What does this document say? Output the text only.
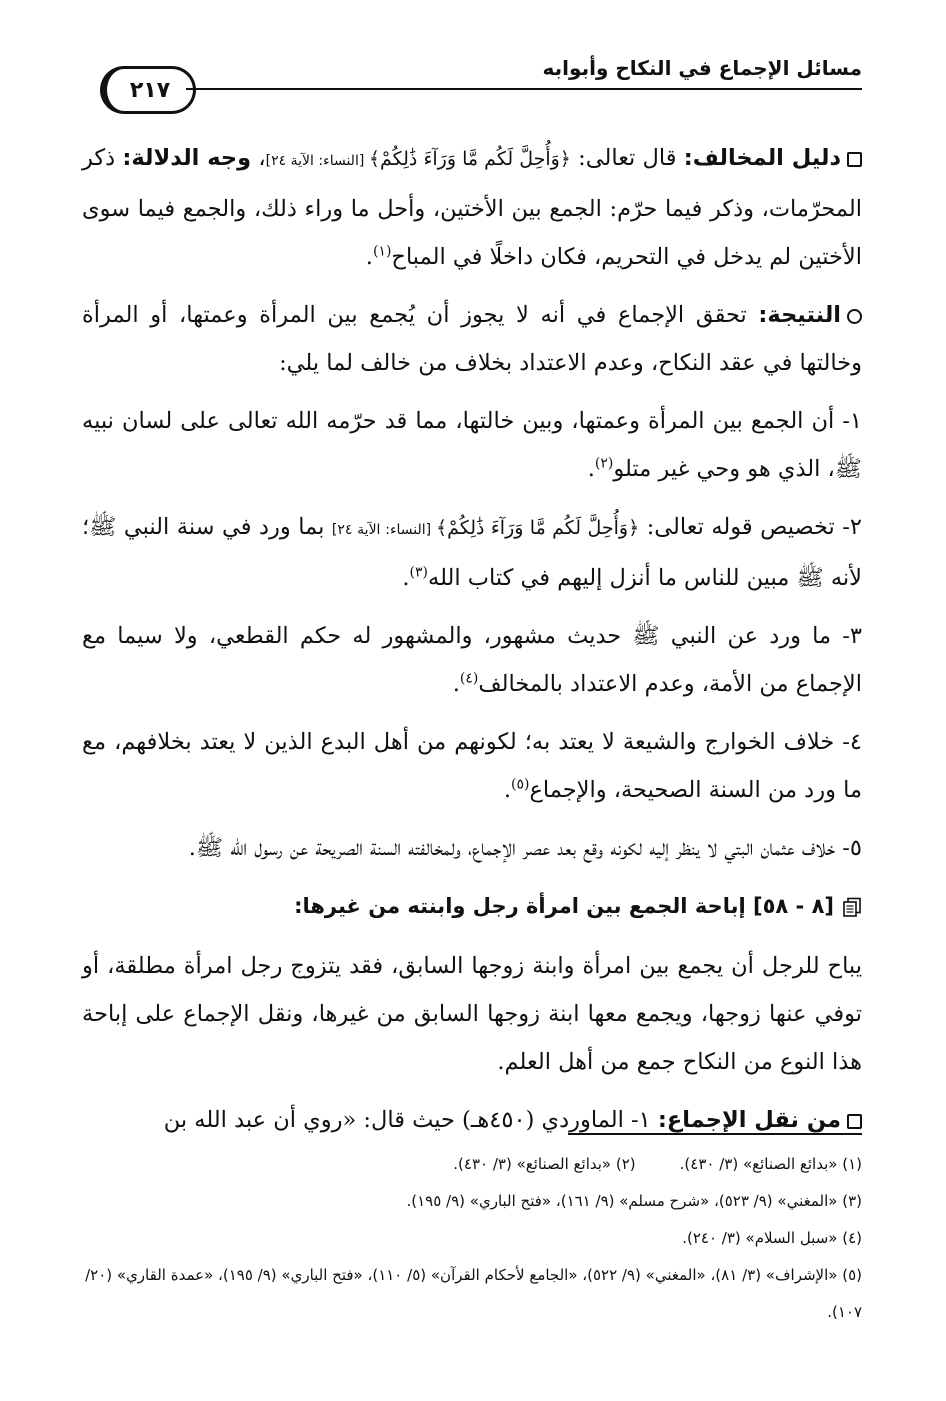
مسائل الإجماع في النكاح وأبوابه
٢١٧

دليل المخالف: قال تعالى: ﴿وَأُحِلَّ لَكُم مَّا وَرَآءَ ذَٰلِكُمْ﴾ [النساء: الآية ٢٤]، وجه الدلالة: ذكر المحرّمات، وذكر فيما حرّم: الجمع بين الأختين، وأحل ما وراء ذلك، والجمع فيما سوى الأختين لم يدخل في التحريم، فكان داخلًا في المباح$^{(١)}$.

النتيجة: تحقق الإجماع في أنه لا يجوز أن يُجمع بين المرأة وعمتها، أو المرأة وخالتها في عقد النكاح، وعدم الاعتداد بخلاف من خالف لما يلي:

١- أن الجمع بين المرأة وعمتها، وبين خالتها، مما قد حرّمه الله تعالى على لسان نبيه ﷺ، الذي هو وحي غير متلو$^{(٢)}$.

٢- تخصيص قوله تعالى: ﴿وَأُحِلَّ لَكُم مَّا وَرَآءَ ذَٰلِكُمْ﴾ [النساء: الآية ٢٤] بما ورد في سنة النبي ﷺ؛ لأنه ﷺ مبين للناس ما أنزل إليهم في كتاب الله$^{(٣)}$.

٣- ما ورد عن النبي ﷺ حديث مشهور، والمشهور له حكم القطعي، ولا سيما مع الإجماع من الأمة، وعدم الاعتداد بالمخالف$^{(٤)}$.

٤- خلاف الخوارج والشيعة لا يعتد به؛ لكونهم من أهل البدع الذين لا يعتد بخلافهم، مع ما ورد من السنة الصحيحة، والإجماع$^{(٥)}$.

٥- خلاف عثمان البتي لا ينظر إليه لكونه وقع بعد عصر الإجماع، ولمخالفته السنة الصريحة عن رسول الله ﷺ.

[٨ - ٥٨] إباحة الجمع بين امرأة رجل وابنته من غيرها:

يباح للرجل أن يجمع بين امرأة وابنة زوجها السابق، فقد يتزوج رجل امرأة مطلقة، أو توفي عنها زوجها، ويجمع معها ابنة زوجها السابق من غيرها، ونقل الإجماع على إباحة هذا النوع من النكاح جمع من أهل العلم.

من نقل الإجماع: ١- الماوردي (٤٥٠هـ) حيث قال: «روي أن عبد الله بن

(١) «بدائع الصنائع» (٣/ ٤٣٠).(٢) «بدائع الصنائع» (٣/ ٤٣٠).

(٣) «المغني» (٩/ ٥٢٣)، «شرح مسلم» (٩/ ١٦١)، «فتح الباري» (٩/ ١٩٥).

(٤) «سبل السلام» (٣/ ٢٤٠).

(٥) «الإشراف» (٣/ ٨١)، «المغني» (٩/ ٥٢٢)، «الجامع لأحكام القرآن» (٥/ ١١٠)، «فتح الباري» (٩/ ١٩٥)، «عمدة القاري» (٢٠/ ١٠٧).
